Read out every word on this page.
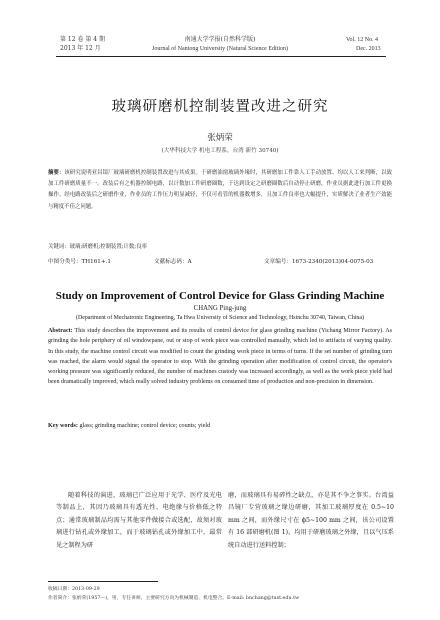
第 12 卷 第 4 期
2013 年 12 月
南通大学学报(自然科学版)
Journal of Nantong University (Natural Science Edition)
Vol. 12 No. 4
Dec. 2013
玻璃研磨机控制装置改进之研究
张炳荣
(大华科技大学 机电工程系，台湾 新竹 30740)
摘要：该研究说明亚昌镜厂玻璃研磨机控制装置改进与其成果。于研磨油窗玻璃外缘时，其研磨加工件靠人工手动放置、均以人工来判断，以致加工件研磨质量不一。改装后有之机器控制电路，以计数加工件研磨圈数，于达到设定之研磨圈数后自动停止研磨，作业员据此进行加工件更换操作。经电路改装后之研磨作业，作业员的工作压力明显减轻，不仅可看管的机器数增多，且加工件良率也大幅提升，实质解决了业者生产效能与精度不佳之问题。
关键词：玻璃;研磨机;控制装置;计数;良率
中图分类号：TH161+.1	文献标志码：A	文章编号：1673-2340(2013)04-0075-03
Study on Improvement of Control Device for Glass Grinding Machine
CHANG Ping-jung
(Department of Mechatronic Engineering, Ta Hwa University of Science and Technology, Hsinchu 30740, Taiwan, China)
Abstract: This study describes the improvement and its results of control device for glass grinding machine (Yichang Mirror Factory). As grinding the hole periphery of oil windowpane, out or stop of work piece was controlled manually, which led to artifacts of varying quality. In this study, the machine control circuit was modified to count the grinding work piece in terms of turns. If the set number of grinding turn was reached, the alarm would signal the operator to stop. With the grinding operation after modification of control circuit, the operator's working pressure was significantly reduced, the number of machines custody was increased accordingly, as well as the work piece yield had been dramatically improved, which really solved industry problems on consumed time of production and non-precision in dimension.
Key words: glass; grinding machine; control device; counts; yield
随着科技的演进，玻璃已广泛应用于光学、医疗及光电等制品上，其因乃玻璃具有透光性、电绝缘与价格低之特点；通常玻璃制品均需与其他零件做接合或选配，故须对玻璃进行钻孔或外缘加工，而于玻璃钻孔或外缘加工中，最常见之制程为研
磨，而玻璃具有易碎性之缺点，亦是其不争之事实。台湾益昌镜厂专营玻璃之缘边研磨，其加工玻璃厚度在 0.5~10 mm 之间，而外缘尺寸在 ϕ5~100 mm 之间，该公司设置有 16 部研磨机(图 1)，均用于研磨玻璃之外缘，且以气压系统自动进行送料控制；
收稿日期：2013-09-29
作者简介：张炳荣(1957—)，男，专任讲师，主要研究方向为机械制造、机电整合。E-mail: bnchang@tust.edu.tw
